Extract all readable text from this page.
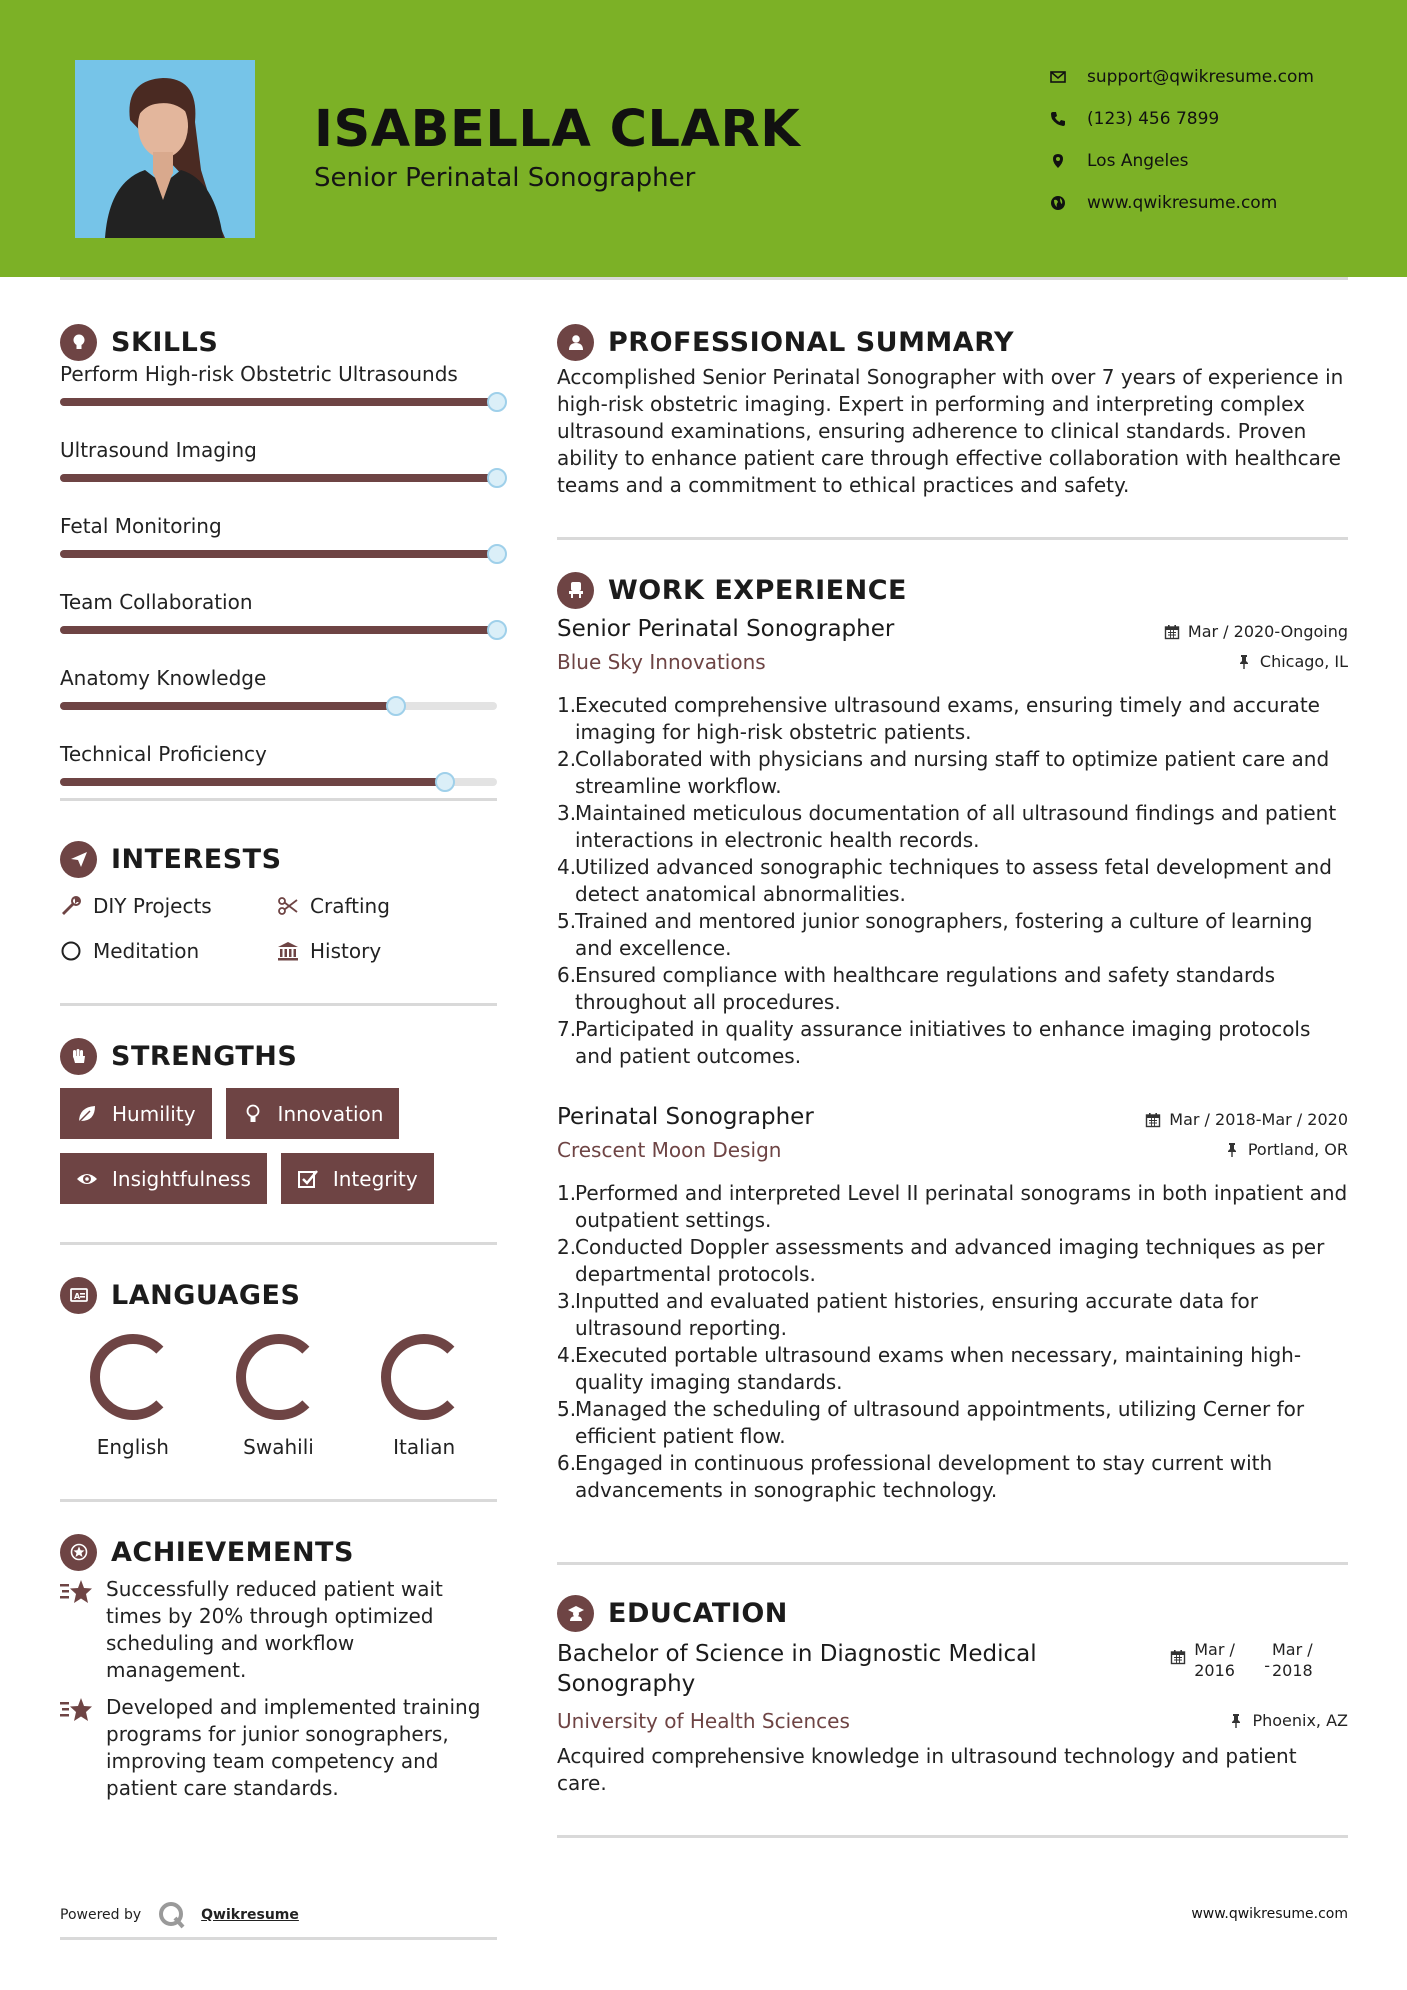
ISABELLA CLARK
Senior Perinatal Sonographer
support@qwikresume.com
(123) 456 7899
Los Angeles
www.qwikresume.com
SKILLS
Perform High-risk Obstetric Ultrasounds
Ultrasound Imaging
Fetal Monitoring
Team Collaboration
Anatomy Knowledge
Technical Proficiency
INTERESTS
DIY Projects	Crafting
Meditation	History
STRENGTHS
Humility	Innovation
Insightfulness	Integrity
A LANGUAGES
English	Swahili	Italian
ACHIEVEMENTS

Successfully reduced patient wait times by 20% through optimized scheduling and workflow management.

Developed and implemented training programs for junior sonographers, improving team competency and patient care standards.

Powered by	Qwikresume
PROFESSIONAL SUMMARY

Accomplished Senior Perinatal Sonographer with over 7 years of experience in high-risk obstetric imaging. Expert in performing and interpreting complex ultrasound examinations, ensuring adherence to clinical standards. Proven ability to enhance patient care through effective collaboration with healthcare teams and a commitment to ethical practices and safety.

WORK EXPERIENCE
Senior Perinatal Sonographer	Mar / 2020-Ongoing
Blue Sky Innovations	Chicago, IL
Executed comprehensive ultrasound exams, ensuring timely and accurate imaging for high-risk obstetric patients.
Collaborated with physicians and nursing staff to optimize patient care and streamline workflow.
Maintained meticulous documentation of all ultrasound findings and patient interactions in electronic health records.
Utilized advanced sonographic techniques to assess fetal development and detect anatomical abnormalities.
Trained and mentored junior sonographers, fostering a culture of learning and excellence.
Ensured compliance with healthcare regulations and safety standards throughout all procedures.
Participated in quality assurance initiatives to enhance imaging protocols and patient outcomes.
Perinatal Sonographer	Mar / 2018-Mar / 2020
Crescent Moon Design	Portland, OR
Performed and interpreted Level II perinatal sonograms in both inpatient and outpatient settings.
Conducted Doppler assessments and advanced imaging techniques as per departmental protocols.
Inputted and evaluated patient histories, ensuring accurate data for ultrasound reporting.
Executed portable ultrasound exams when necessary, maintaining high-quality imaging standards.
Managed the scheduling of ultrasound appointments, utilizing Cerner for efficient patient flow.
Engaged in continuous professional development to stay current with advancements in sonographic technology.
EDUCATION
Bachelor of Science in Diagnostic Medical Sonography
Mar / 2016	-
Mar / 2018
University of Health Sciences	Phoenix, AZ

Acquired comprehensive knowledge in ultrasound technology and patient care.

www.qwikresume.com
